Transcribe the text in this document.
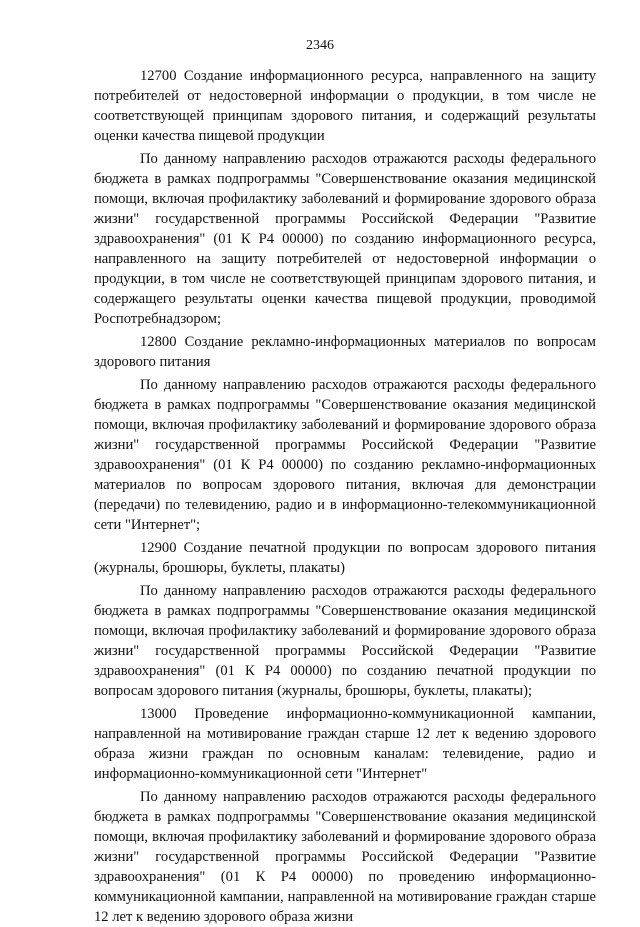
2346

12700 Создание информационного ресурса, направленного на защиту потребителей от недостоверной информации о продукции, в том числе не соответствующей принципам здорового питания, и содержащий результаты оценки качества пищевой продукции

По данному направлению расходов отражаются расходы федерального бюджета в рамках подпрограммы "Совершенствование оказания медицинской помощи, включая профилактику заболеваний и формирование здорового образа жизни" государственной программы Российской Федерации "Развитие здравоохранения" (01 К Р4 00000) по созданию информационного ресурса, направленного на защиту потребителей от недостоверной информации о продукции, в том числе не соответствующей принципам здорового питания, и содержащего результаты оценки качества пищевой продукции, проводимой Роспотребнадзором;

12800 Создание рекламно-информационных материалов по вопросам здорового питания

По данному направлению расходов отражаются расходы федерального бюджета в рамках подпрограммы "Совершенствование оказания медицинской помощи, включая профилактику заболеваний и формирование здорового образа жизни" государственной программы Российской Федерации "Развитие здравоохранения" (01 К Р4 00000) по созданию рекламно-информационных материалов по вопросам здорового питания, включая для демонстрации (передачи) по телевидению, радио и в информационно-телекоммуникационной сети "Интернет";

12900 Создание печатной продукции по вопросам здорового питания (журналы, брошюры, буклеты, плакаты)

По данному направлению расходов отражаются расходы федерального бюджета в рамках подпрограммы "Совершенствование оказания медицинской помощи, включая профилактику заболеваний и формирование здорового образа жизни" государственной программы Российской Федерации "Развитие здравоохранения" (01 К Р4 00000) по созданию печатной продукции по вопросам здорового питания (журналы, брошюры, буклеты, плакаты);

13000 Проведение информационно-коммуникационной кампании, направленной на мотивирование граждан старше 12 лет к ведению здорового образа жизни граждан по основным каналам: телевидение, радио и информационно-коммуникационной сети "Интернет"

По данному направлению расходов отражаются расходы федерального бюджета в рамках подпрограммы "Совершенствование оказания медицинской помощи, включая профилактику заболеваний и формирование здорового образа жизни" государственной программы Российской Федерации "Развитие здравоохранения" (01 К Р4 00000) по проведению информационно-коммуникационной кампании, направленной на мотивирование граждан старше 12 лет к ведению здорового образа жизни
